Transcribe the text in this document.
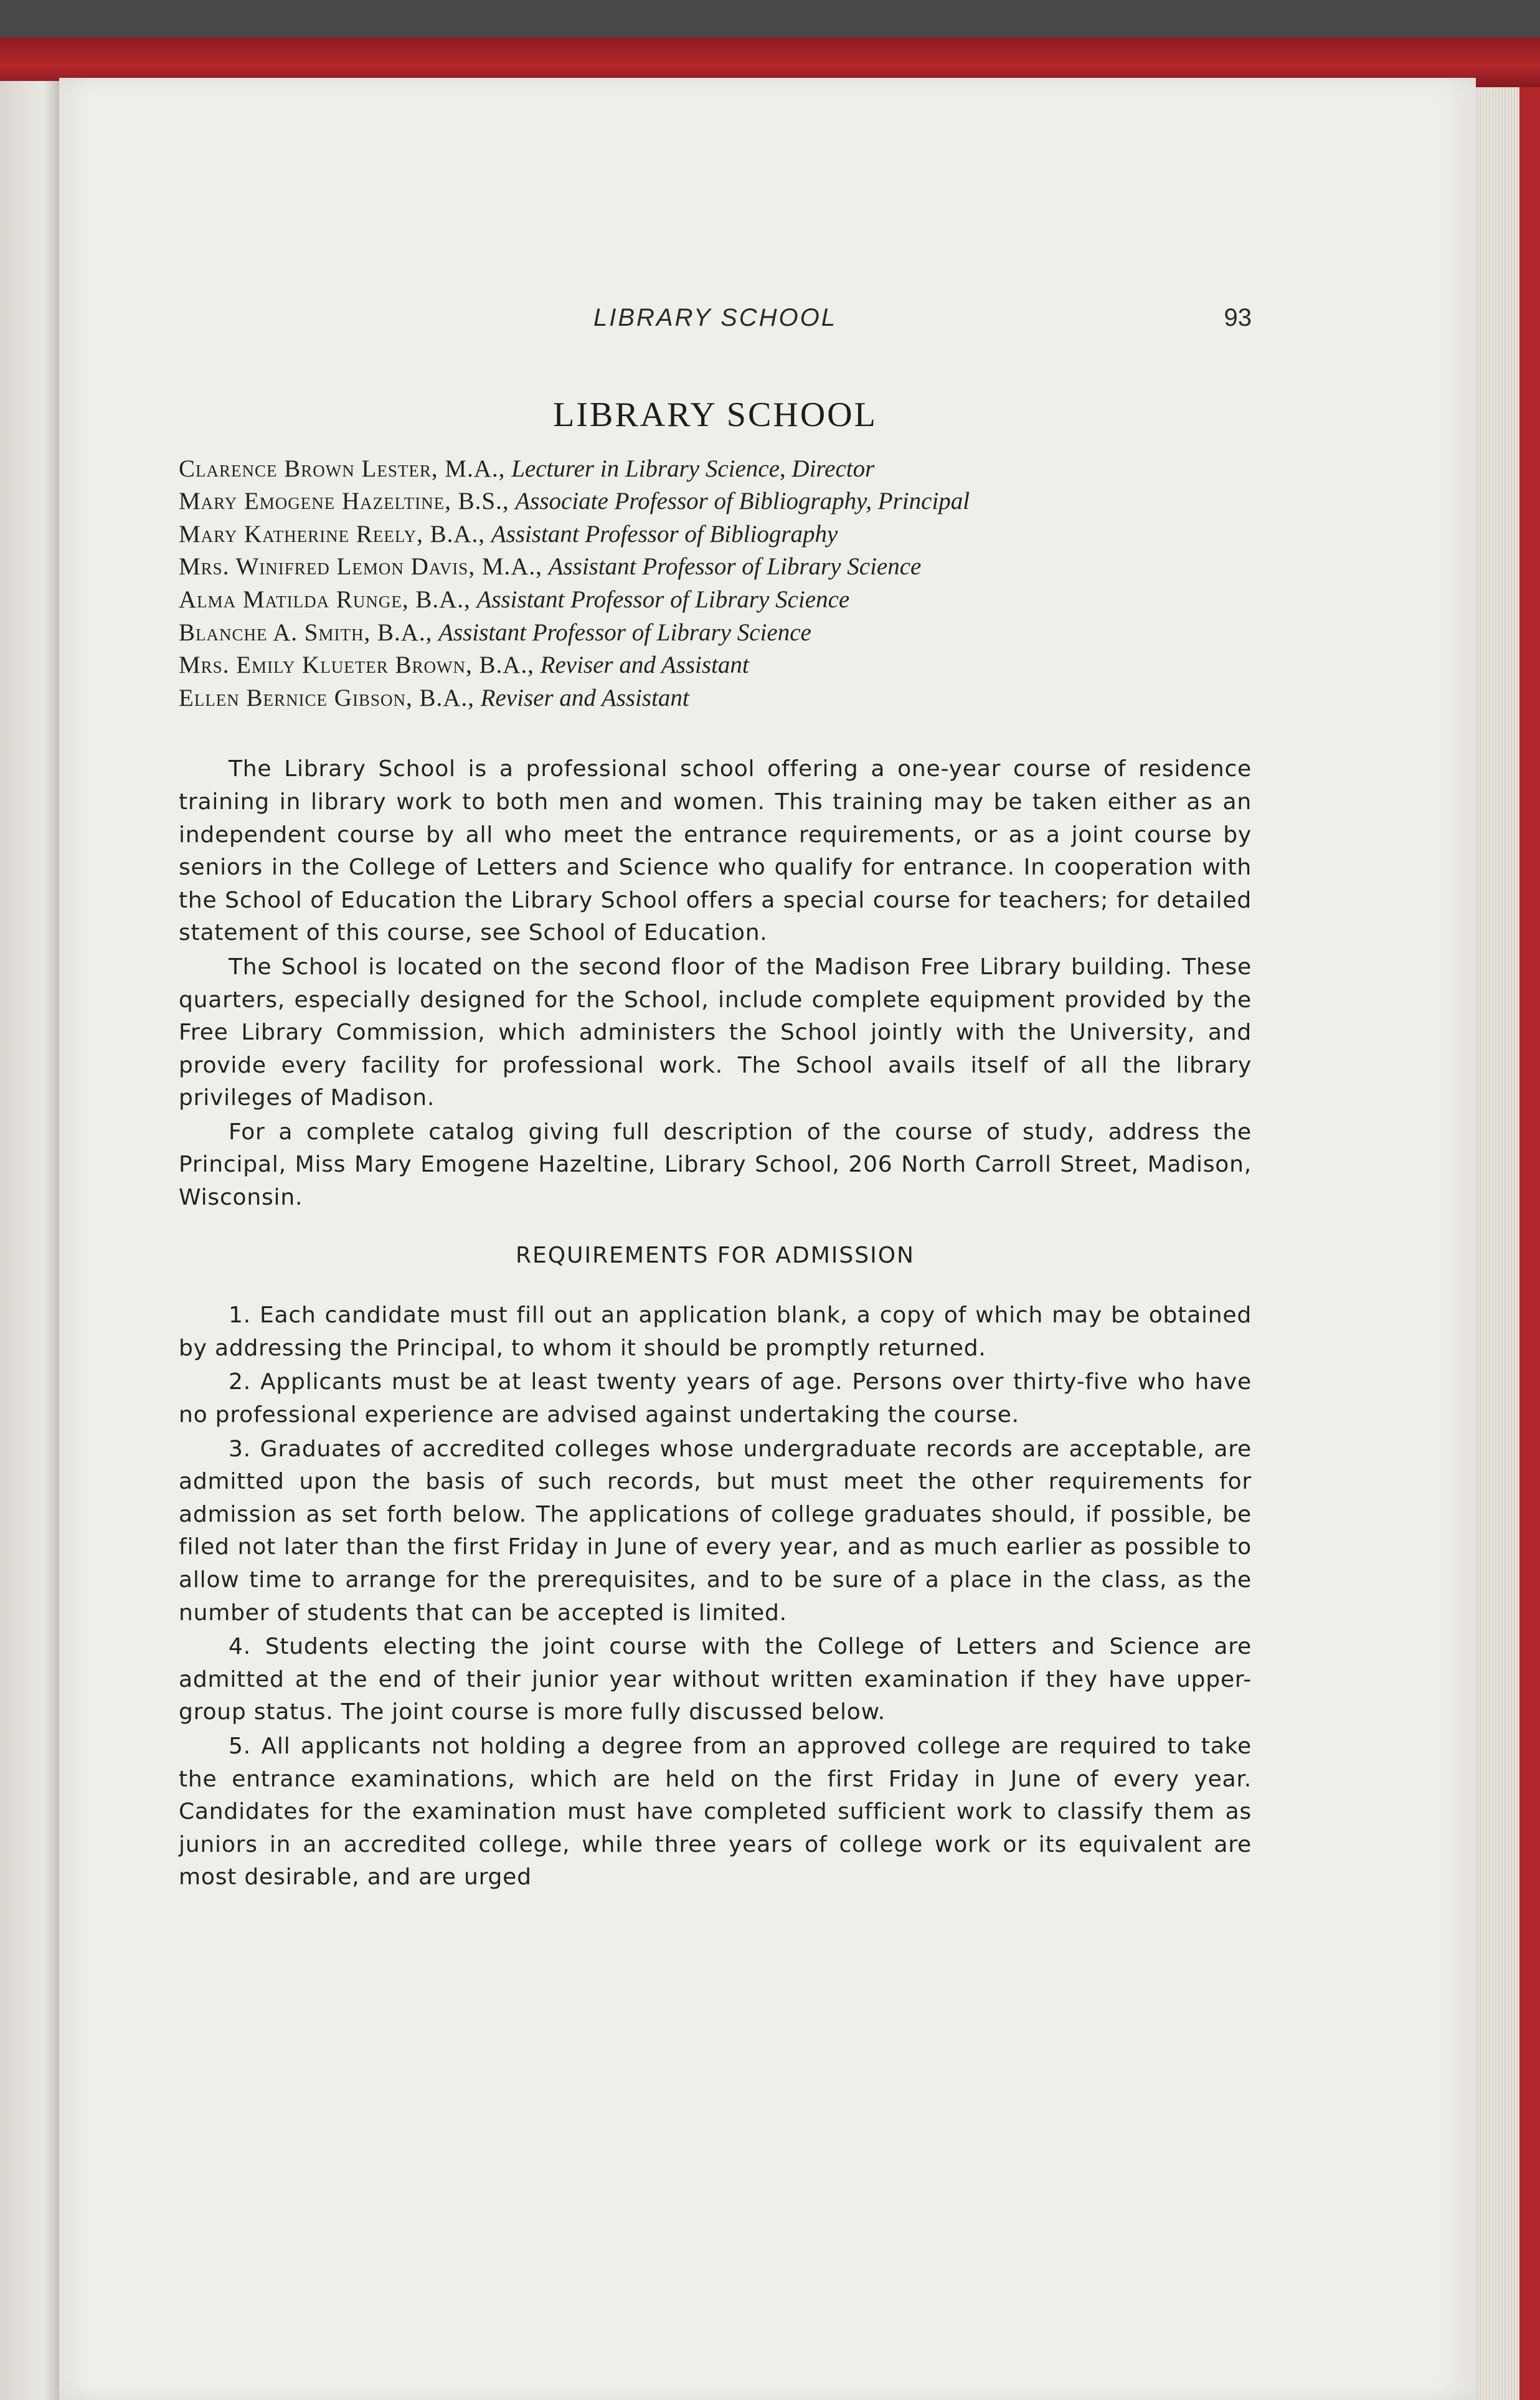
LIBRARY SCHOOL	93
LIBRARY SCHOOL
Clarence Brown Lester, M.A., Lecturer in Library Science, Director
Mary Emogene Hazeltine, B.S., Associate Professor of Bibliography, Principal
Mary Katherine Reely, B.A., Assistant Professor of Bibliography
Mrs. Winifred Lemon Davis, M.A., Assistant Professor of Library Science
Alma Matilda Runge, B.A., Assistant Professor of Library Science
Blanche A. Smith, B.A., Assistant Professor of Library Science
Mrs. Emily Klueter Brown, B.A., Reviser and Assistant
Ellen Bernice Gibson, B.A., Reviser and Assistant

The Library School is a professional school offering a one-year course of residence training in library work to both men and women. This training may be taken either as an independent course by all who meet the entrance requirements, or as a joint course by seniors in the College of Letters and Science who qualify for entrance. In cooperation with the School of Education the Library School offers a special course for teachers; for detailed statement of this course, see School of Education.

The School is located on the second floor of the Madison Free Library building. These quarters, especially designed for the School, include complete equipment provided by the Free Library Commission, which administers the School jointly with the University, and provide every facility for professional work. The School avails itself of all the library privileges of Madison.

For a complete catalog giving full description of the course of study, address the Principal, Miss Mary Emogene Hazeltine, Library School, 206 North Carroll Street, Madison, Wisconsin.

REQUIREMENTS FOR ADMISSION

1. Each candidate must fill out an application blank, a copy of which may be obtained by addressing the Principal, to whom it should be promptly returned.

2. Applicants must be at least twenty years of age. Persons over thirty-five who have no professional experience are advised against undertaking the course.

3. Graduates of accredited colleges whose undergraduate records are acceptable, are admitted upon the basis of such records, but must meet the other requirements for admission as set forth below. The applications of college graduates should, if possible, be filed not later than the first Friday in June of every year, and as much earlier as possible to allow time to arrange for the prerequisites, and to be sure of a place in the class, as the number of students that can be accepted is limited.

4. Students electing the joint course with the College of Letters and Science are admitted at the end of their junior year without written examination if they have upper-group status. The joint course is more fully discussed below.

5. All applicants not holding a degree from an approved college are required to take the entrance examinations, which are held on the first Friday in June of every year. Candidates for the examination must have completed sufficient work to classify them as juniors in an accredited college, while three years of college work or its equivalent are most desirable, and are urged
